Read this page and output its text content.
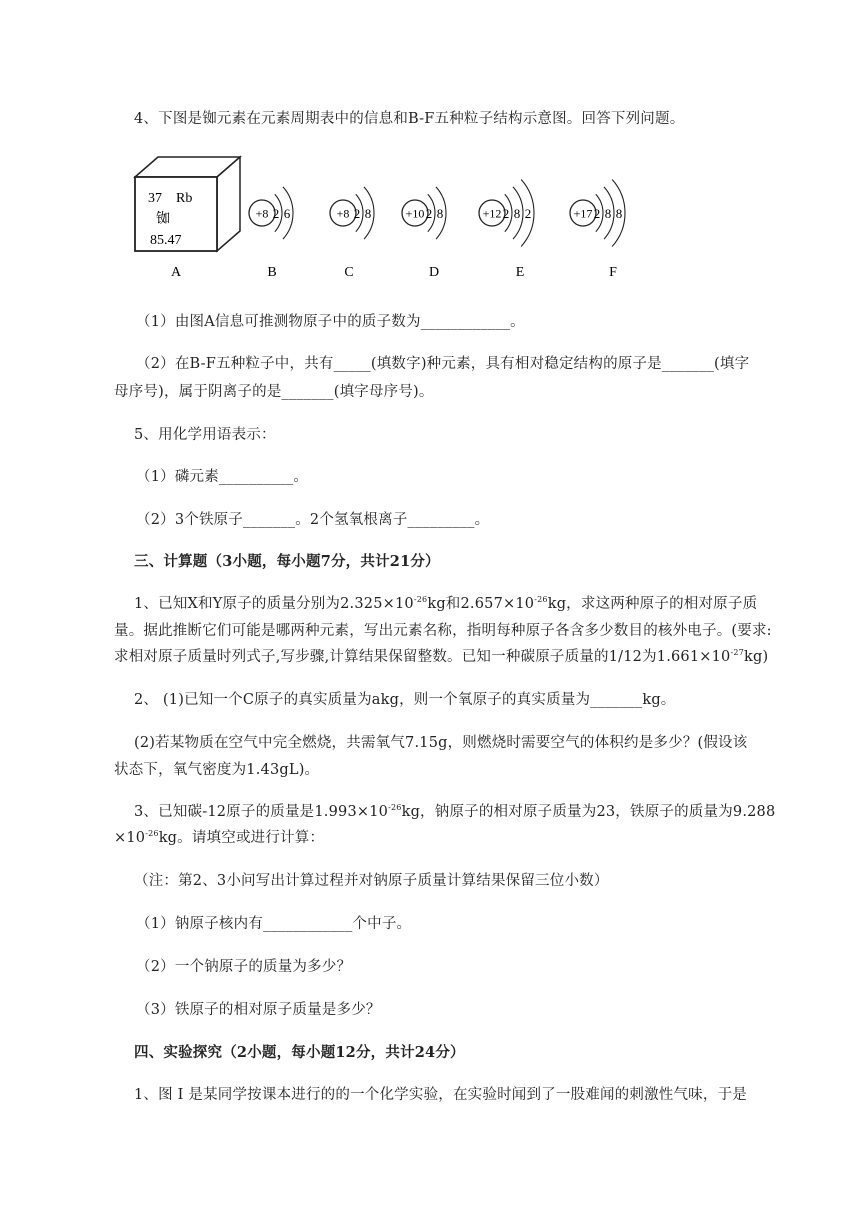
4、下图是铷元素在元素周期表中的信息和B-F五种粒子结构示意图。回答下列问题。
37 Rb
铷
85.47
+8 2 6	+8 2 8	+10 2 8	+12 2 8 2	+17 2 8 8
A	B	C	D	E	F
（1）由图A信息可推测物原子中的质子数为____________。
（2）在B-F五种粒子中，共有_____(填数字)种元素，具有相对稳定结构的原子是_______(填字
母序号)，属于阴离子的是_______(填字母序号)。
5、用化学用语表示：
（1）磷元素__________。
（2）3个铁原子_______。2个氢氧根离子_________。
三、计算题（3小题，每小题7分，共计21分）
1、已知X和Y原子的质量分别为$2.325\times 10^{-26}kg$和$2.657\times 10^{-26}kg$，求这两种原子的相对原子质
量。据此推断它们可能是哪两种元素，写出元素名称，指明每种原子各含多少数目的核外电子。(要求:
求相对原子质量时列式子,写步骤,计算结果保留整数。已知一种碳原子质量的1/12为$1.661\times 10^{-27}kg$)
2、 (1)已知一个C原子的真实质量为akg，则一个氧原子的真实质量为_______kg。
(2)若某物质在空气中完全燃烧，共需氧气7.15g，则燃烧时需要空气的体积约是多少？(假设该
状态下，氧气密度为1.43gL)。
3、已知碳-12原子的质量是$1.993\times 10^{-26}kg$，钠原子的相对原子质量为23，铁原子的质量为9.288
$\times 10^{-26}kg$。请填空或进行计算：
（注：第2、3小问写出计算过程并对钠原子质量计算结果保留三位小数）
（1）钠原子核内有____________个中子。
（2）一个钠原子的质量为多少？
（3）铁原子的相对原子质量是多少？
四、实验探究（2小题，每小题12分，共计24分）
1、图 I 是某同学按课本进行的的一个化学实验，在实验时闻到了一股难闻的刺激性气味，于是
